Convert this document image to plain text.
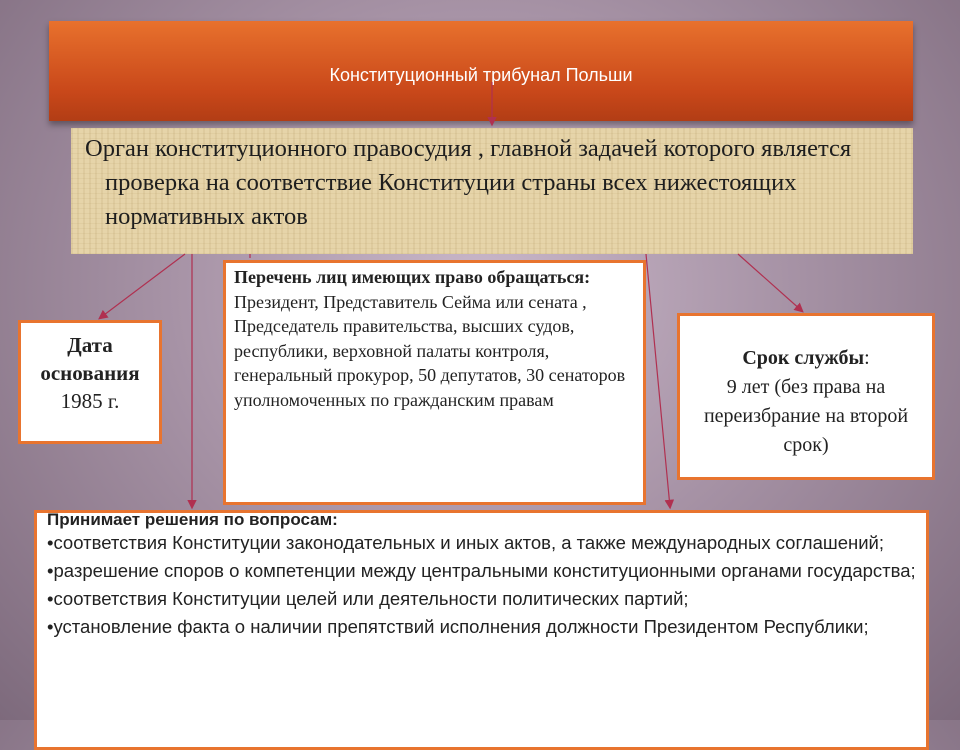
Конституционный трибунал Польши

Орган конституционного правосудия , главной задачей которого является проверка на соответствие Конституции страны всех нижестоящих нормативных актов

Дата основания
1985 г.
Перечень лиц имеющих право обращаться:
Президент, Представитель Сейма или сената , Председатель правительства, высших судов, республики, верховной палаты контроля, генеральный прокурор, 50 депутатов, 30 сенаторов уполномоченных по гражданским правам
Срок службы:
9 лет (без права на переизбрание на второй срок)
Принимает решения по вопросам:
•соответствия Конституции законодательных и иных актов, а также международных соглашений;
•разрешение споров о компетенции между центральными конституционными органами государства;
•соответствия Конституции целей или деятельности политических партий;
•установление факта о наличии препятствий исполнения должности Президентом Республики;
